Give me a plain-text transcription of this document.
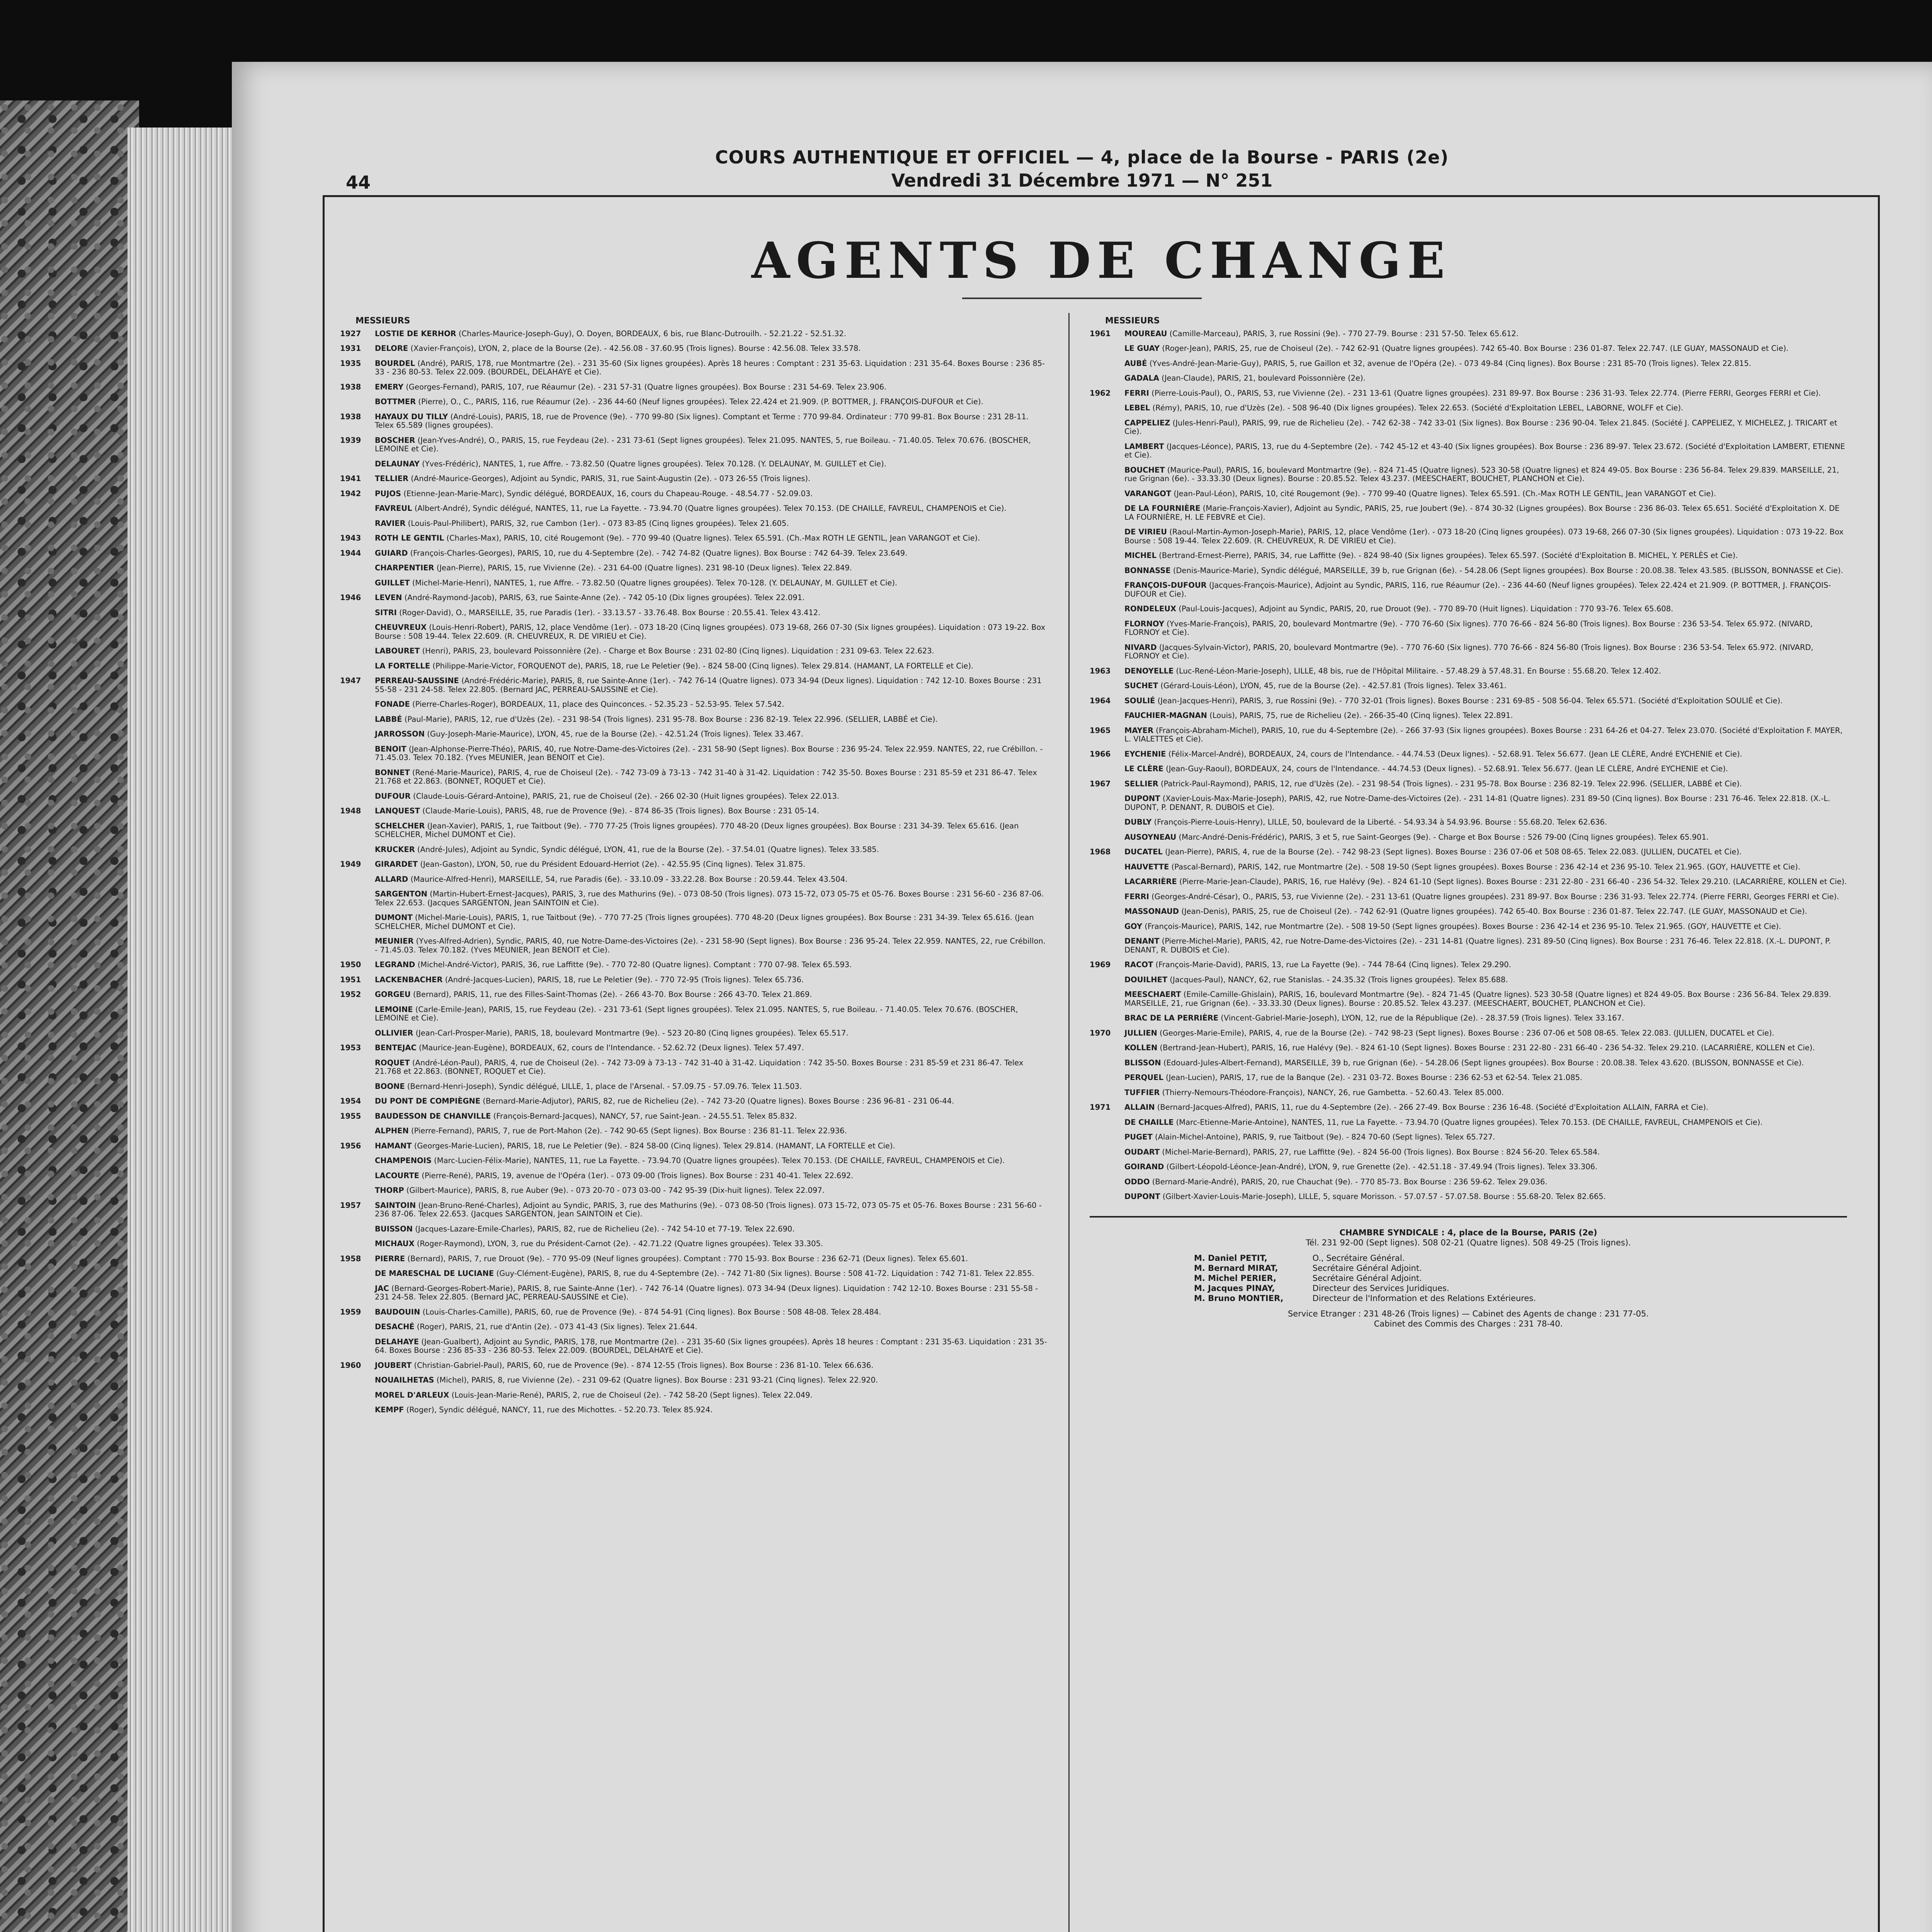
44
COURS AUTHENTIQUE ET OFFICIEL — 4, place de la Bourse - PARIS (2e)
Vendredi 31 Décembre 1971 — N° 251
AGENTS DE CHANGE
MESSIEURS
1927	LOSTIE DE KERHOR (Charles-Maurice-Joseph-Guy), O. Doyen, BORDEAUX, 6 bis, rue Blanc-Dutrouilh. - 52.21.22 - 52.51.32.
1931	DELORE (Xavier-François), LYON, 2, place de la Bourse (2e). - 42.56.08 - 37.60.95 (Trois lignes). Bourse : 42.56.08. Telex 33.578.
1935	BOURDEL (André), PARIS, 178, rue Montmartre (2e). - 231 35-60 (Six lignes groupées). Après 18 heures : Comptant : 231 35-63. Liquidation : 231 35-64. Boxes Bourse : 236 85-33 - 236 80-53. Telex 22.009. (BOURDEL, DELAHAYE et Cie).
1938	EMERY (Georges-Fernand), PARIS, 107, rue Réaumur (2e). - 231 57-31 (Quatre lignes groupées). Box Bourse : 231 54-69. Telex 23.906.
BOTTMER (Pierre), O., C., PARIS, 116, rue Réaumur (2e). - 236 44-60 (Neuf lignes groupées). Telex 22.424 et 21.909. (P. BOTTMER, J. FRANÇOIS-DUFOUR et Cie).
1938	HAYAUX DU TILLY (André-Louis), PARIS, 18, rue de Provence (9e). - 770 99-80 (Six lignes). Comptant et Terme : 770 99-84. Ordinateur : 770 99-81. Box Bourse : 231 28-11. Telex 65.589 (lignes groupées).
1939	BOSCHER (Jean-Yves-André), O., PARIS, 15, rue Feydeau (2e). - 231 73-61 (Sept lignes groupées). Telex 21.095. NANTES, 5, rue Boileau. - 71.40.05. Telex 70.676. (BOSCHER, LEMOINE et Cie).
DELAUNAY (Yves-Frédéric), NANTES, 1, rue Affre. - 73.82.50 (Quatre lignes groupées). Telex 70.128. (Y. DELAUNAY, M. GUILLET et Cie).
1941	TELLIER (André-Maurice-Georges), Adjoint au Syndic, PARIS, 31, rue Saint-Augustin (2e). - 073 26-55 (Trois lignes).
1942	PUJOS (Etienne-Jean-Marie-Marc), Syndic délégué, BORDEAUX, 16, cours du Chapeau-Rouge. - 48.54.77 - 52.09.03.
FAVREUL (Albert-André), Syndic délégué, NANTES, 11, rue La Fayette. - 73.94.70 (Quatre lignes groupées). Telex 70.153. (DE CHAILLE, FAVREUL, CHAMPENOIS et Cie).
RAVIER (Louis-Paul-Philibert), PARIS, 32, rue Cambon (1er). - 073 83-85 (Cinq lignes groupées). Telex 21.605.
1943	ROTH LE GENTIL (Charles-Max), PARIS, 10, cité Rougemont (9e). - 770 99-40 (Quatre lignes). Telex 65.591. (Ch.-Max ROTH LE GENTIL, Jean VARANGOT et Cie).
1944	GUIARD (François-Charles-Georges), PARIS, 10, rue du 4-Septembre (2e). - 742 74-82 (Quatre lignes). Box Bourse : 742 64-39. Telex 23.649.
CHARPENTIER (Jean-Pierre), PARIS, 15, rue Vivienne (2e). - 231 64-00 (Quatre lignes). 231 98-10 (Deux lignes). Telex 22.849.
GUILLET (Michel-Marie-Henri), NANTES, 1, rue Affre. - 73.82.50 (Quatre lignes groupées). Telex 70-128. (Y. DELAUNAY, M. GUILLET et Cie).
1946	LEVEN (André-Raymond-Jacob), PARIS, 63, rue Sainte-Anne (2e). - 742 05-10 (Dix lignes groupées). Telex 22.091.
SITRI (Roger-David), O., MARSEILLE, 35, rue Paradis (1er). - 33.13.57 - 33.76.48. Box Bourse : 20.55.41. Telex 43.412.
CHEUVREUX (Louis-Henri-Robert), PARIS, 12, place Vendôme (1er). - 073 18-20 (Cinq lignes groupées). 073 19-68, 266 07-30 (Six lignes groupées). Liquidation : 073 19-22. Box Bourse : 508 19-44. Telex 22.609. (R. CHEUVREUX, R. DE VIRIEU et Cie).
LABOURET (Henri), PARIS, 23, boulevard Poissonnière (2e). - Charge et Box Bourse : 231 02-80 (Cinq lignes). Liquidation : 231 09-63. Telex 22.623.
LA FORTELLE (Philippe-Marie-Victor, FORQUENOT de), PARIS, 18, rue Le Peletier (9e). - 824 58-00 (Cinq lignes). Telex 29.814. (HAMANT, LA FORTELLE et Cie).
1947	PERREAU-SAUSSINE (André-Frédéric-Marie), PARIS, 8, rue Sainte-Anne (1er). - 742 76-14 (Quatre lignes). 073 34-94 (Deux lignes). Liquidation : 742 12-10. Boxes Bourse : 231 55-58 - 231 24-58. Telex 22.805. (Bernard JAC, PERREAU-SAUSSINE et Cie).
FONADE (Pierre-Charles-Roger), BORDEAUX, 11, place des Quinconces. - 52.35.23 - 52.53-95. Telex 57.542.
LABBÉ (Paul-Marie), PARIS, 12, rue d'Uzès (2e). - 231 98-54 (Trois lignes). 231 95-78. Box Bourse : 236 82-19. Telex 22.996. (SELLIER, LABBÉ et Cie).
JARROSSON (Guy-Joseph-Marie-Maurice), LYON, 45, rue de la Bourse (2e). - 42.51.24 (Trois lignes). Telex 33.467.
BENOIT (Jean-Alphonse-Pierre-Théo), PARIS, 40, rue Notre-Dame-des-Victoires (2e). - 231 58-90 (Sept lignes). Box Bourse : 236 95-24. Telex 22.959. NANTES, 22, rue Crébillon. - 71.45.03. Telex 70.182. (Yves MEUNIER, Jean BENOIT et Cie).
BONNET (René-Marie-Maurice), PARIS, 4, rue de Choiseul (2e). - 742 73-09 à 73-13 - 742 31-40 à 31-42. Liquidation : 742 35-50. Boxes Bourse : 231 85-59 et 231 86-47. Telex 21.768 et 22.863. (BONNET, ROQUET et Cie).
DUFOUR (Claude-Louis-Gérard-Antoine), PARIS, 21, rue de Choiseul (2e). - 266 02-30 (Huit lignes groupées). Telex 22.013.
1948	LANQUEST (Claude-Marie-Louis), PARIS, 48, rue de Provence (9e). - 874 86-35 (Trois lignes). Box Bourse : 231 05-14.
SCHELCHER (Jean-Xavier), PARIS, 1, rue Taitbout (9e). - 770 77-25 (Trois lignes groupées). 770 48-20 (Deux lignes groupées). Box Bourse : 231 34-39. Telex 65.616. (Jean SCHELCHER, Michel DUMONT et Cie).
KRUCKER (André-Jules), Adjoint au Syndic, Syndic délégué, LYON, 41, rue de la Bourse (2e). - 37.54.01 (Quatre lignes). Telex 33.585.
1949	GIRARDET (Jean-Gaston), LYON, 50, rue du Président Edouard-Herriot (2e). - 42.55.95 (Cinq lignes). Telex 31.875.
ALLARD (Maurice-Alfred-Henri), MARSEILLE, 54, rue Paradis (6e). - 33.10.09 - 33.22.28. Box Bourse : 20.59.44. Telex 43.504.
SARGENTON (Martin-Hubert-Ernest-Jacques), PARIS, 3, rue des Mathurins (9e). - 073 08-50 (Trois lignes). 073 15-72, 073 05-75 et 05-76. Boxes Bourse : 231 56-60 - 236 87-06. Telex 22.653. (Jacques SARGENTON, Jean SAINTOIN et Cie).
DUMONT (Michel-Marie-Louis), PARIS, 1, rue Taitbout (9e). - 770 77-25 (Trois lignes groupées). 770 48-20 (Deux lignes groupées). Box Bourse : 231 34-39. Telex 65.616. (Jean SCHELCHER, Michel DUMONT et Cie).
MEUNIER (Yves-Alfred-Adrien), Syndic, PARIS, 40, rue Notre-Dame-des-Victoires (2e). - 231 58-90 (Sept lignes). Box Bourse : 236 95-24. Telex 22.959. NANTES, 22, rue Crébillon. - 71.45.03. Telex 70.182. (Yves MEUNIER, Jean BENOIT et Cie).
1950	LEGRAND (Michel-André-Victor), PARIS, 36, rue Laffitte (9e). - 770 72-80 (Quatre lignes). Comptant : 770 07-98. Telex 65.593.
1951	LACKENBACHER (André-Jacques-Lucien), PARIS, 18, rue Le Peletier (9e). - 770 72-95 (Trois lignes). Telex 65.736.
1952	GORGEU (Bernard), PARIS, 11, rue des Filles-Saint-Thomas (2e). - 266 43-70. Box Bourse : 266 43-70. Telex 21.869.
LEMOINE (Carle-Emile-Jean), PARIS, 15, rue Feydeau (2e). - 231 73-61 (Sept lignes groupées). Telex 21.095. NANTES, 5, rue Boileau. - 71.40.05. Telex 70.676. (BOSCHER, LEMOINE et Cie).
OLLIVIER (Jean-Carl-Prosper-Marie), PARIS, 18, boulevard Montmartre (9e). - 523 20-80 (Cinq lignes groupées). Telex 65.517.
1953	BENTEJAC (Maurice-Jean-Eugène), BORDEAUX, 62, cours de l'Intendance. - 52.62.72 (Deux lignes). Telex 57.497.
ROQUET (André-Léon-Paul), PARIS, 4, rue de Choiseul (2e). - 742 73-09 à 73-13 - 742 31-40 à 31-42. Liquidation : 742 35-50. Boxes Bourse : 231 85-59 et 231 86-47. Telex 21.768 et 22.863. (BONNET, ROQUET et Cie).
BOONE (Bernard-Henri-Joseph), Syndic délégué, LILLE, 1, place de l'Arsenal. - 57.09.75 - 57.09.76. Telex 11.503.
1954	DU PONT DE COMPIÈGNE (Bernard-Marie-Adjutor), PARIS, 82, rue de Richelieu (2e). - 742 73-20 (Quatre lignes). Boxes Bourse : 236 96-81 - 231 06-44.
1955	BAUDESSON DE CHANVILLE (François-Bernard-Jacques), NANCY, 57, rue Saint-Jean. - 24.55.51. Telex 85.832.
ALPHEN (Pierre-Fernand), PARIS, 7, rue de Port-Mahon (2e). - 742 90-65 (Sept lignes). Box Bourse : 236 81-11. Telex 22.936.
1956	HAMANT (Georges-Marie-Lucien), PARIS, 18, rue Le Peletier (9e). - 824 58-00 (Cinq lignes). Telex 29.814. (HAMANT, LA FORTELLE et Cie).
CHAMPENOIS (Marc-Lucien-Félix-Marie), NANTES, 11, rue La Fayette. - 73.94.70 (Quatre lignes groupées). Telex 70.153. (DE CHAILLE, FAVREUL, CHAMPENOIS et Cie).
LACOURTE (Pierre-René), PARIS, 19, avenue de l'Opéra (1er). - 073 09-00 (Trois lignes). Box Bourse : 231 40-41. Telex 22.692.
THORP (Gilbert-Maurice), PARIS, 8, rue Auber (9e). - 073 20-70 - 073 03-00 - 742 95-39 (Dix-huit lignes). Telex 22.097.
1957	SAINTOIN (Jean-Bruno-René-Charles), Adjoint au Syndic, PARIS, 3, rue des Mathurins (9e). - 073 08-50 (Trois lignes). 073 15-72, 073 05-75 et 05-76. Boxes Bourse : 231 56-60 - 236 87-06. Telex 22.653. (Jacques SARGENTON, Jean SAINTOIN et Cie).
BUISSON (Jacques-Lazare-Emile-Charles), PARIS, 82, rue de Richelieu (2e). - 742 54-10 et 77-19. Telex 22.690.
MICHAUX (Roger-Raymond), LYON, 3, rue du Président-Carnot (2e). - 42.71.22 (Quatre lignes groupées). Telex 33.305.
1958	PIERRE (Bernard), PARIS, 7, rue Drouot (9e). - 770 95-09 (Neuf lignes groupées). Comptant : 770 15-93. Box Bourse : 236 62-71 (Deux lignes). Telex 65.601.
DE MARESCHAL DE LUCIANE (Guy-Clément-Eugène), PARIS, 8, rue du 4-Septembre (2e). - 742 71-80 (Six lignes). Bourse : 508 41-72. Liquidation : 742 71-81. Telex 22.855.
JAC (Bernard-Georges-Robert-Marie), PARIS, 8, rue Sainte-Anne (1er). - 742 76-14 (Quatre lignes). 073 34-94 (Deux lignes). Liquidation : 742 12-10. Boxes Bourse : 231 55-58 - 231 24-58. Telex 22.805. (Bernard JAC, PERREAU-SAUSSINE et Cie).
1959	BAUDOUIN (Louis-Charles-Camille), PARIS, 60, rue de Provence (9e). - 874 54-91 (Cinq lignes). Box Bourse : 508 48-08. Telex 28.484.
DESACHÉ (Roger), PARIS, 21, rue d'Antin (2e). - 073 41-43 (Six lignes). Telex 21.644.
DELAHAYE (Jean-Gualbert), Adjoint au Syndic, PARIS, 178, rue Montmartre (2e). - 231 35-60 (Six lignes groupées). Après 18 heures : Comptant : 231 35-63. Liquidation : 231 35-64. Boxes Bourse : 236 85-33 - 236 80-53. Telex 22.009. (BOURDEL, DELAHAYE et Cie).
1960	JOUBERT (Christian-Gabriel-Paul), PARIS, 60, rue de Provence (9e). - 874 12-55 (Trois lignes). Box Bourse : 236 81-10. Telex 66.636.
NOUAILHETAS (Michel), PARIS, 8, rue Vivienne (2e). - 231 09-62 (Quatre lignes). Box Bourse : 231 93-21 (Cinq lignes). Telex 22.920.
MOREL D'ARLEUX (Louis-Jean-Marie-René), PARIS, 2, rue de Choiseul (2e). - 742 58-20 (Sept lignes). Telex 22.049.
KEMPF (Roger), Syndic délégué, NANCY, 11, rue des Michottes. - 52.20.73. Telex 85.924.
MESSIEURS
1961	MOUREAU (Camille-Marceau), PARIS, 3, rue Rossini (9e). - 770 27-79. Bourse : 231 57-50. Telex 65.612.
LE GUAY (Roger-Jean), PARIS, 25, rue de Choiseul (2e). - 742 62-91 (Quatre lignes groupées). 742 65-40. Box Bourse : 236 01-87. Telex 22.747. (LE GUAY, MASSONAUD et Cie).
AUBÉ (Yves-André-Jean-Marie-Guy), PARIS, 5, rue Gaillon et 32, avenue de l'Opéra (2e). - 073 49-84 (Cinq lignes). Box Bourse : 231 85-70 (Trois lignes). Telex 22.815.
GADALA (Jean-Claude), PARIS, 21, boulevard Poissonnière (2e).
1962	FERRI (Pierre-Louis-Paul), O., PARIS, 53, rue Vivienne (2e). - 231 13-61 (Quatre lignes groupées). 231 89-97. Box Bourse : 236 31-93. Telex 22.774. (Pierre FERRI, Georges FERRI et Cie).
LEBEL (Rémy), PARIS, 10, rue d'Uzès (2e). - 508 96-40 (Dix lignes groupées). Telex 22.653. (Société d'Exploitation LEBEL, LABORNE, WOLFF et Cie).
CAPPELIEZ (Jules-Henri-Paul), PARIS, 99, rue de Richelieu (2e). - 742 62-38 - 742 33-01 (Six lignes). Box Bourse : 236 90-04. Telex 21.845. (Société J. CAPPELIEZ, Y. MICHELEZ, J. TRICART et Cie).
LAMBERT (Jacques-Léonce), PARIS, 13, rue du 4-Septembre (2e). - 742 45-12 et 43-40 (Six lignes groupées). Box Bourse : 236 89-97. Telex 23.672. (Société d'Exploitation LAMBERT, ETIENNE et Cie).
BOUCHET (Maurice-Paul), PARIS, 16, boulevard Montmartre (9e). - 824 71-45 (Quatre lignes). 523 30-58 (Quatre lignes) et 824 49-05. Box Bourse : 236 56-84. Telex 29.839. MARSEILLE, 21, rue Grignan (6e). - 33.33.30 (Deux lignes). Bourse : 20.85.52. Telex 43.237. (MEESCHAERT, BOUCHET, PLANCHON et Cie).
VARANGOT (Jean-Paul-Léon), PARIS, 10, cité Rougemont (9e). - 770 99-40 (Quatre lignes). Telex 65.591. (Ch.-Max ROTH LE GENTIL, Jean VARANGOT et Cie).
DE LA FOURNIÈRE (Marie-François-Xavier), Adjoint au Syndic, PARIS, 25, rue Joubert (9e). - 874 30-32 (Lignes groupées). Box Bourse : 236 86-03. Telex 65.651. Société d'Exploitation X. DE LA FOURNIÈRE, H. LE FEBVRE et Cie).
DE VIRIEU (Raoul-Martin-Aymon-Joseph-Marie), PARIS, 12, place Vendôme (1er). - 073 18-20 (Cinq lignes groupées). 073 19-68, 266 07-30 (Six lignes groupées). Liquidation : 073 19-22. Box Bourse : 508 19-44. Telex 22.609. (R. CHEUVREUX, R. DE VIRIEU et Cie).
MICHEL (Bertrand-Ernest-Pierre), PARIS, 34, rue Laffitte (9e). - 824 98-40 (Six lignes groupées). Telex 65.597. (Société d'Exploitation B. MICHEL, Y. PERLÈS et Cie).
BONNASSE (Denis-Maurice-Marie), Syndic délégué, MARSEILLE, 39 b, rue Grignan (6e). - 54.28.06 (Sept lignes groupées). Box Bourse : 20.08.38. Telex 43.585. (BLISSON, BONNASSE et Cie).
FRANÇOIS-DUFOUR (Jacques-François-Maurice), Adjoint au Syndic, PARIS, 116, rue Réaumur (2e). - 236 44-60 (Neuf lignes groupées). Telex 22.424 et 21.909. (P. BOTTMER, J. FRANÇOIS-DUFOUR et Cie).
RONDELEUX (Paul-Louis-Jacques), Adjoint au Syndic, PARIS, 20, rue Drouot (9e). - 770 89-70 (Huit lignes). Liquidation : 770 93-76. Telex 65.608.
FLORNOY (Yves-Marie-François), PARIS, 20, boulevard Montmartre (9e). - 770 76-60 (Six lignes). 770 76-66 - 824 56-80 (Trois lignes). Box Bourse : 236 53-54. Telex 65.972. (NIVARD, FLORNOY et Cie).
NIVARD (Jacques-Sylvain-Victor), PARIS, 20, boulevard Montmartre (9e). - 770 76-60 (Six lignes). 770 76-66 - 824 56-80 (Trois lignes). Box Bourse : 236 53-54. Telex 65.972. (NIVARD, FLORNOY et Cie).
1963	DENOYELLE (Luc-René-Léon-Marie-Joseph), LILLE, 48 bis, rue de l'Hôpital Militaire. - 57.48.29 à 57.48.31. En Bourse : 55.68.20. Telex 12.402.
SUCHET (Gérard-Louis-Léon), LYON, 45, rue de la Bourse (2e). - 42.57.81 (Trois lignes). Telex 33.461.
1964	SOULIÉ (Jean-Jacques-Henri), PARIS, 3, rue Rossini (9e). - 770 32-01 (Trois lignes). Boxes Bourse : 231 69-85 - 508 56-04. Telex 65.571. (Société d'Exploitation SOULIÉ et Cie).
FAUCHIER-MAGNAN (Louis), PARIS, 75, rue de Richelieu (2e). - 266-35-40 (Cinq lignes). Telex 22.891.
1965	MAYER (François-Abraham-Michel), PARIS, 10, rue du 4-Septembre (2e). - 266 37-93 (Six lignes groupées). Boxes Bourse : 231 64-26 et 04-27. Telex 23.070. (Société d'Exploitation F. MAYER, L. VIALETTES et Cie).
1966	EYCHENIE (Félix-Marcel-André), BORDEAUX, 24, cours de l'Intendance. - 44.74.53 (Deux lignes). - 52.68.91. Telex 56.677. (Jean LE CLÈRE, André EYCHENIE et Cie).
LE CLÈRE (Jean-Guy-Raoul), BORDEAUX, 24, cours de l'Intendance. - 44.74.53 (Deux lignes). - 52.68.91. Telex 56.677. (Jean LE CLÈRE, André EYCHENIE et Cie).
1967	SELLIER (Patrick-Paul-Raymond), PARIS, 12, rue d'Uzès (2e). - 231 98-54 (Trois lignes). - 231 95-78. Box Bourse : 236 82-19. Telex 22.996. (SELLIER, LABBÉ et Cie).
DUPONT (Xavier-Louis-Max-Marie-Joseph), PARIS, 42, rue Notre-Dame-des-Victoires (2e). - 231 14-81 (Quatre lignes). 231 89-50 (Cinq lignes). Box Bourse : 231 76-46. Telex 22.818. (X.-L. DUPONT, P. DENANT, R. DUBOIS et Cie).
DUBLY (François-Pierre-Louis-Henry), LILLE, 50, boulevard de la Liberté. - 54.93.34 à 54.93.96. Bourse : 55.68.20. Telex 62.636.
AUSOYNEAU (Marc-André-Denis-Frédéric), PARIS, 3 et 5, rue Saint-Georges (9e). - Charge et Box Bourse : 526 79-00 (Cinq lignes groupées). Telex 65.901.
1968	DUCATEL (Jean-Pierre), PARIS, 4, rue de la Bourse (2e). - 742 98-23 (Sept lignes). Boxes Bourse : 236 07-06 et 508 08-65. Telex 22.083. (JULLIEN, DUCATEL et Cie).
HAUVETTE (Pascal-Bernard), PARIS, 142, rue Montmartre (2e). - 508 19-50 (Sept lignes groupées). Boxes Bourse : 236 42-14 et 236 95-10. Telex 21.965. (GOY, HAUVETTE et Cie).
LACARRIÈRE (Pierre-Marie-Jean-Claude), PARIS, 16, rue Halévy (9e). - 824 61-10 (Sept lignes). Boxes Bourse : 231 22-80 - 231 66-40 - 236 54-32. Telex 29.210. (LACARRIÈRE, KOLLEN et Cie).
FERRI (Georges-André-César), O., PARIS, 53, rue Vivienne (2e). - 231 13-61 (Quatre lignes groupées). 231 89-97. Box Bourse : 236 31-93. Telex 22.774. (Pierre FERRI, Georges FERRI et Cie).
MASSONAUD (Jean-Denis), PARIS, 25, rue de Choiseul (2e). - 742 62-91 (Quatre lignes groupées). 742 65-40. Box Bourse : 236 01-87. Telex 22.747. (LE GUAY, MASSONAUD et Cie).
GOY (François-Maurice), PARIS, 142, rue Montmartre (2e). - 508 19-50 (Sept lignes groupées). Boxes Bourse : 236 42-14 et 236 95-10. Telex 21.965. (GOY, HAUVETTE et Cie).
DENANT (Pierre-Michel-Marie), PARIS, 42, rue Notre-Dame-des-Victoires (2e). - 231 14-81 (Quatre lignes). 231 89-50 (Cinq lignes). Box Bourse : 231 76-46. Telex 22.818. (X.-L. DUPONT, P. DENANT, R. DUBOIS et Cie).
1969	RACOT (François-Marie-David), PARIS, 13, rue La Fayette (9e). - 744 78-64 (Cinq lignes). Telex 29.290.
DOUILHET (Jacques-Paul), NANCY, 62, rue Stanislas. - 24.35.32 (Trois lignes groupées). Telex 85.688.
MEESCHAERT (Emile-Camille-Ghislain), PARIS, 16, boulevard Montmartre (9e). - 824 71-45 (Quatre lignes). 523 30-58 (Quatre lignes) et 824 49-05. Box Bourse : 236 56-84. Telex 29.839. MARSEILLE, 21, rue Grignan (6e). - 33.33.30 (Deux lignes). Bourse : 20.85.52. Telex 43.237. (MEESCHAERT, BOUCHET, PLANCHON et Cie).
BRAC DE LA PERRIÈRE (Vincent-Gabriel-Marie-Joseph), LYON, 12, rue de la République (2e). - 28.37.59 (Trois lignes). Telex 33.167.
1970	JULLIEN (Georges-Marie-Emile), PARIS, 4, rue de la Bourse (2e). - 742 98-23 (Sept lignes). Boxes Bourse : 236 07-06 et 508 08-65. Telex 22.083. (JULLIEN, DUCATEL et Cie).
KOLLEN (Bertrand-Jean-Hubert), PARIS, 16, rue Halévy (9e). - 824 61-10 (Sept lignes). Boxes Bourse : 231 22-80 - 231 66-40 - 236 54-32. Telex 29.210. (LACARRIÈRE, KOLLEN et Cie).
BLISSON (Edouard-Jules-Albert-Fernand), MARSEILLE, 39 b, rue Grignan (6e). - 54.28.06 (Sept lignes groupées). Box Bourse : 20.08.38. Telex 43.620. (BLISSON, BONNASSE et Cie).
PERQUEL (Jean-Lucien), PARIS, 17, rue de la Banque (2e). - 231 03-72. Boxes Bourse : 236 62-53 et 62-54. Telex 21.085.
TUFFIER (Thierry-Nemours-Théodore-François), NANCY, 26, rue Gambetta. - 52.60.43. Telex 85.000.
1971	ALLAIN (Bernard-Jacques-Alfred), PARIS, 11, rue du 4-Septembre (2e). - 266 27-49. Box Bourse : 236 16-48. (Société d'Exploitation ALLAIN, FARRA et Cie).
DE CHAILLE (Marc-Etienne-Marie-Antoine), NANTES, 11, rue La Fayette. - 73.94.70 (Quatre lignes groupées). Telex 70.153. (DE CHAILLE, FAVREUL, CHAMPENOIS et Cie).
PUGET (Alain-Michel-Antoine), PARIS, 9, rue Taitbout (9e). - 824 70-60 (Sept lignes). Telex 65.727.
OUDART (Michel-Marie-Bernard), PARIS, 27, rue Laffitte (9e). - 824 56-00 (Trois lignes). Box Bourse : 824 56-20. Telex 65.584.
GOIRAND (Gilbert-Léopold-Léonce-Jean-André), LYON, 9, rue Grenette (2e). - 42.51.18 - 37.49.94 (Trois lignes). Telex 33.306.
ODDO (Bernard-Marie-André), PARIS, 20, rue Chauchat (9e). - 770 85-73. Box Bourse : 236 59-62. Telex 29.036.
DUPONT (Gilbert-Xavier-Louis-Marie-Joseph), LILLE, 5, square Morisson. - 57.07.57 - 57.07.58. Bourse : 55.68-20. Telex 82.665.
CHAMBRE SYNDICALE : 4, place de la Bourse, PARIS (2e)
Tél. 231 92-00 (Sept lignes). 508 02-21 (Quatre lignes). 508 49-25 (Trois lignes).
M. Daniel PETIT,	O., Secrétaire Général.
M. Bernard MIRAT,	Secrétaire Général Adjoint.
M. Michel PERIER,	Secrétaire Général Adjoint.
M. Jacques PINAY,	Directeur des Services Juridiques.
M. Bruno MONTIER,	Directeur de l'Information et des Relations Extérieures.
Service Etranger : 231 48-26 (Trois lignes) — Cabinet des Agents de change : 231 77-05.
Cabinet des Commis des Charges : 231 78-40.
